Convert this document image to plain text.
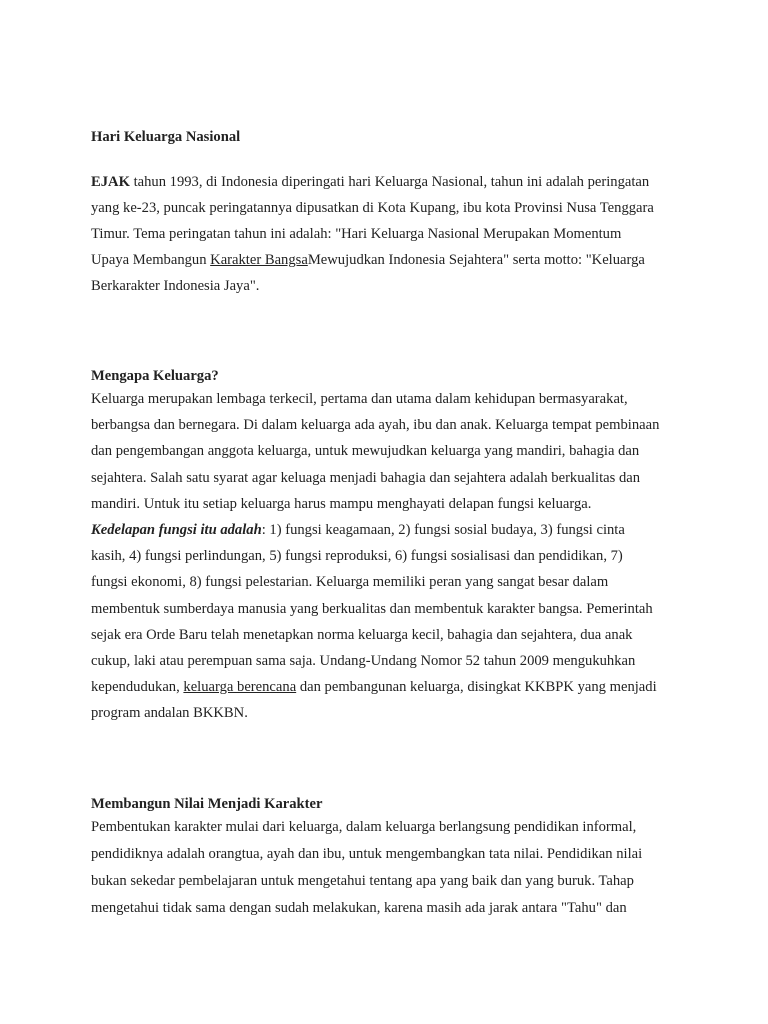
Hari Keluarga Nasional
EJAK tahun 1993, di Indonesia diperingati hari Keluarga Nasional, tahun ini adalah peringatan
yang ke-23, puncak peringatannya dipusatkan di Kota Kupang, ibu kota Provinsi Nusa Tenggara
Timur. Tema peringatan tahun ini adalah: "Hari Keluarga Nasional Merupakan Momentum
Upaya Membangun Karakter BangsaMewujudkan Indonesia Sejahtera" serta motto: "Keluarga
Berkarakter Indonesia Jaya".
Mengapa Keluarga?
Keluarga merupakan lembaga terkecil, pertama dan utama dalam kehidupan bermasyarakat,
berbangsa dan bernegara. Di dalam keluarga ada ayah, ibu dan anak. Keluarga tempat pembinaan
dan pengembangan anggota keluarga, untuk mewujudkan keluarga yang mandiri, bahagia dan
sejahtera. Salah satu syarat agar keluaga menjadi bahagia dan sejahtera adalah berkualitas dan
mandiri. Untuk itu setiap keluarga harus mampu menghayati delapan fungsi keluarga.
Kedelapan fungsi itu adalah: 1) fungsi keagamaan, 2) fungsi sosial budaya, 3) fungsi cinta
kasih, 4) fungsi perlindungan, 5) fungsi reproduksi, 6) fungsi sosialisasi dan pendidikan, 7)
fungsi ekonomi, 8) fungsi pelestarian. Keluarga memiliki peran yang sangat besar dalam
membentuk sumberdaya manusia yang berkualitas dan membentuk karakter bangsa. Pemerintah
sejak era Orde Baru telah menetapkan norma keluarga kecil, bahagia dan sejahtera, dua anak
cukup, laki atau perempuan sama saja. Undang-Undang Nomor 52 tahun 2009 mengukuhkan
kependudukan, keluarga berencana dan pembangunan keluarga, disingkat KKBPK yang menjadi
program andalan BKKBN.
Membangun Nilai Menjadi Karakter
Pembentukan karakter mulai dari keluarga, dalam keluarga berlangsung pendidikan informal,
pendidiknya adalah orangtua, ayah dan ibu, untuk mengembangkan tata nilai. Pendidikan nilai
bukan sekedar pembelajaran untuk mengetahui tentang apa yang baik dan yang buruk. Tahap
mengetahui tidak sama dengan sudah melakukan, karena masih ada jarak antara "Tahu" dan
